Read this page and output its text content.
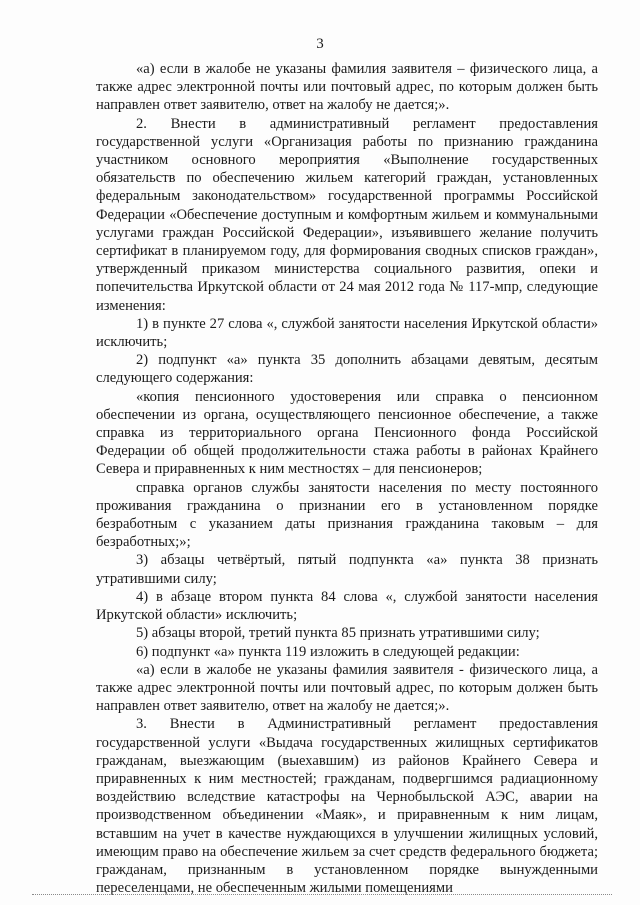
3

«а) если в жалобе не указаны фамилия заявителя – физического лица, а также адрес электронной почты или почтовый адрес, по которым должен быть направлен ответ заявителю, ответ на жалобу не дается;».

2. Внести в административный регламент предоставления государственной услуги «Организация работы по признанию гражданина участником основного мероприятия «Выполнение государственных обязательств по обеспечению жильем категорий граждан, установленных федеральным законодательством» государственной программы Российской Федерации «Обеспечение доступным и комфортным жильем и коммунальными услугами граждан Российской Федерации», изъявившего желание получить сертификат в планируемом году, для формирования сводных списков граждан», утвержденный приказом министерства социального развития, опеки и попечительства Иркутской области от 24 мая 2012 года № 117-мпр, следующие изменения:

1) в пункте 27 слова «, службой занятости населения Иркутской области» исключить;

2) подпункт «а» пункта 35 дополнить абзацами девятым, десятым следующего содержания:

«копия пенсионного удостоверения или справка о пенсионном обеспечении из органа, осуществляющего пенсионное обеспечение, а также справка из территориального органа Пенсионного фонда Российской Федерации об общей продолжительности стажа работы в районах Крайнего Севера и приравненных к ним местностях – для пенсионеров;

справка органов службы занятости населения по месту постоянного проживания гражданина о признании его в установленном порядке безработным с указанием даты признания гражданина таковым – для безработных;»;

3) абзацы четвёртый, пятый подпункта «а» пункта 38 признать утратившими силу;

4) в абзаце втором пункта 84 слова «, службой занятости населения Иркутской области» исключить;

5) абзацы второй, третий пункта 85 признать утратившими силу;

6) подпункт «а» пункта 119 изложить в следующей редакции:

«а) если в жалобе не указаны фамилия заявителя - физического лица, а также адрес электронной почты или почтовый адрес, по которым должен быть направлен ответ заявителю, ответ на жалобу не дается;».

3. Внести в Административный регламент предоставления государственной услуги «Выдача государственных жилищных сертификатов гражданам, выезжающим (выехавшим) из районов Крайнего Севера и приравненных к ним местностей; гражданам, подвергшимся радиационному воздействию вследствие катастрофы на Чернобыльской АЭС, аварии на производственном объединении «Маяк», и приравненным к ним лицам, вставшим на учет в качестве нуждающихся в улучшении жилищных условий, имеющим право на обеспечение жильем за счет средств федерального бюджета; гражданам, признанным в установленном порядке вынужденными переселенцами, не обеспеченным жилыми помещениями
